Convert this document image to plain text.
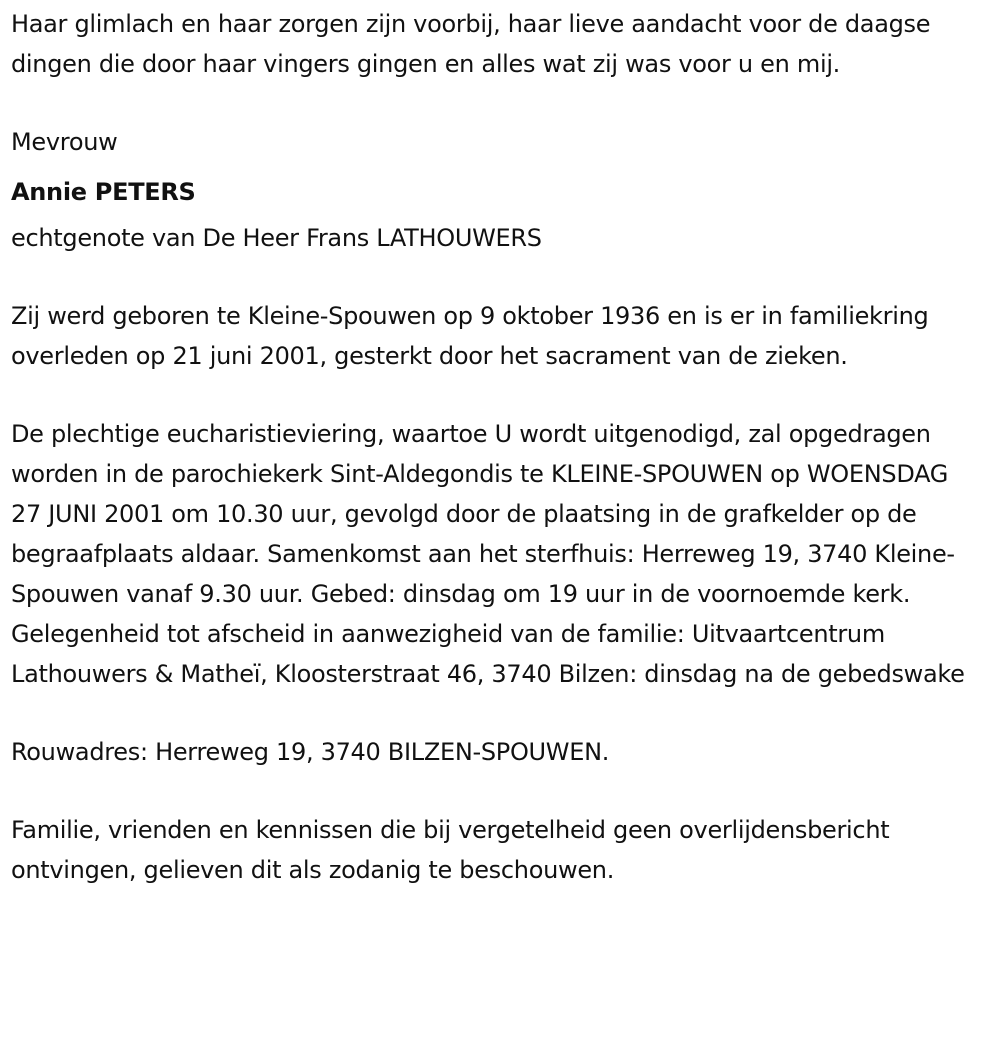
Haar glimlach en haar zorgen zijn voorbij, haar lieve aandacht voor de daagse dingen die door haar vingers gingen en alles wat zij was voor u en mij.

Mevrouw

Annie PETERS

echtgenote van De Heer Frans LATHOUWERS

Zij werd geboren te Kleine-Spouwen op 9 oktober 1936 en is er in familiekring overleden op 21 juni 2001, gesterkt door het sacrament van de zieken.

De plechtige eucharistieviering, waartoe U wordt uitgenodigd, zal opgedragen worden in de parochiekerk Sint-Aldegondis te KLEINE-SPOUWEN op WOENSDAG 27 JUNI 2001 om 10.30 uur, gevolgd door de plaatsing in de grafkelder op de begraafplaats aldaar. Samenkomst aan het sterfhuis: Herreweg 19, 3740 Kleine-Spouwen vanaf 9.30 uur. Gebed: dinsdag om 19 uur in de voornoemde kerk. Gelegenheid tot afscheid in aanwezigheid van de familie: Uitvaartcentrum Lathouwers & Matheï, Kloosterstraat 46, 3740 Bilzen: dinsdag na de gebedswake

Rouwadres: Herreweg 19, 3740 BILZEN-SPOUWEN.

Familie, vrienden en kennissen die bij vergetelheid geen overlijdensbericht ontvingen, gelieven dit als zodanig te beschouwen.
